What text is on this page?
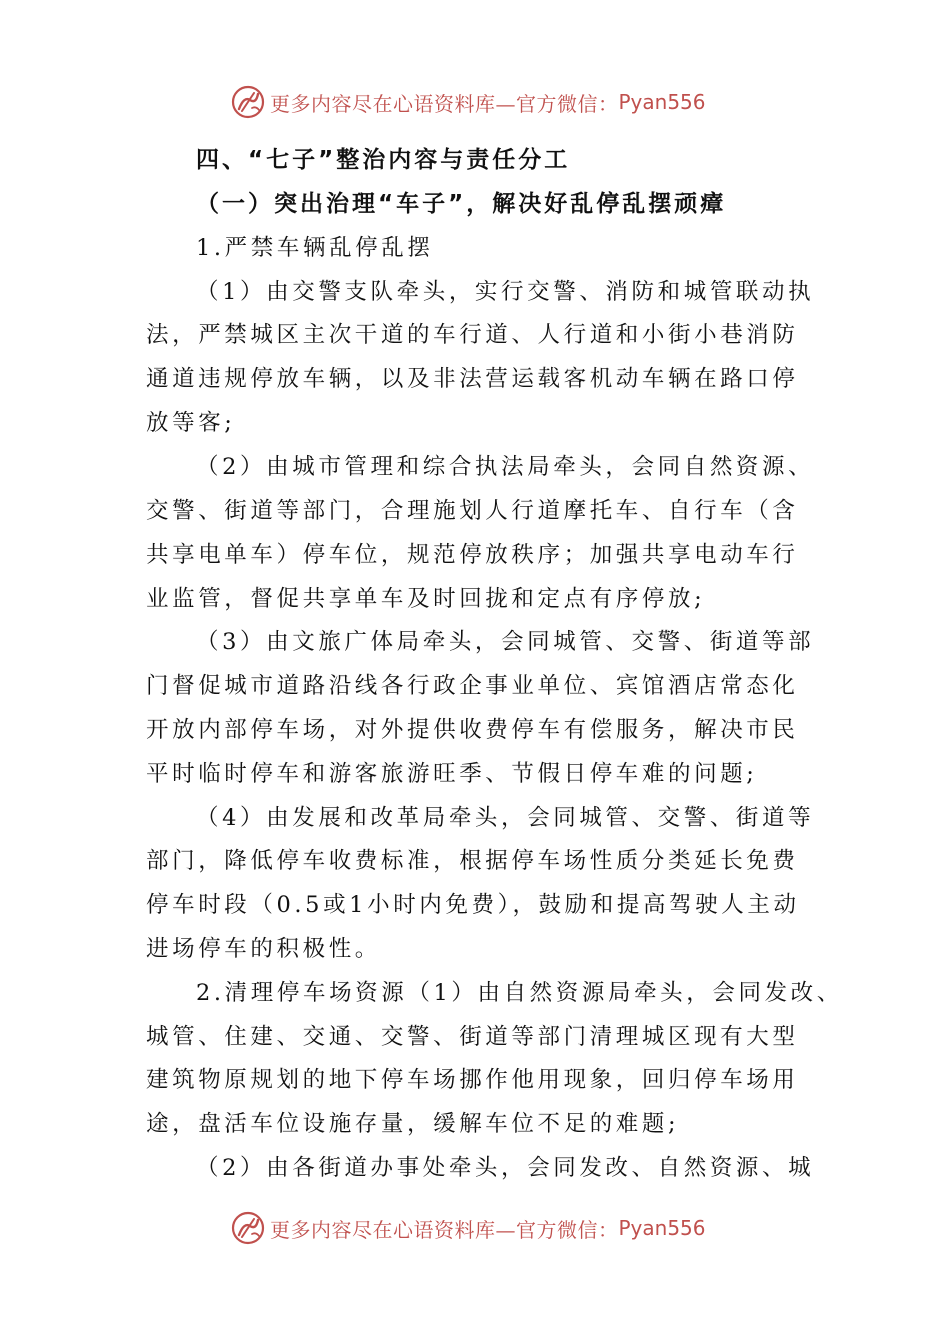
更多内容尽在心语资料库—官方微信： Pyan556
四、“七子”整治内容与责任分工
（一）突出治理“车子”，解决好乱停乱摆顽瘴
1.严禁车辆乱停乱摆
（1）由交警支队牵头，实行交警、消防和城管联动执
法，严禁城区主次干道的车行道、人行道和小街小巷消防
通道违规停放车辆，以及非法营运载客机动车辆在路口停
放等客;
（2）由城市管理和综合执法局牵头，会同自然资源、
交警、街道等部门，合理施划人行道摩托车、自行车（含
共享电单车）停车位，规范停放秩序；加强共享电动车行
业监管，督促共享单车及时回拢和定点有序停放;
（3）由文旅广体局牵头，会同城管、交警、街道等部
门督促城市道路沿线各行政企事业单位、宾馆酒店常态化
开放内部停车场，对外提供收费停车有偿服务，解决市民
平时临时停车和游客旅游旺季、节假日停车难的问题;
（4）由发展和改革局牵头，会同城管、交警、街道等
部门，降低停车收费标准，根据停车场性质分类延长免费
停车时段（0.5或1小时内免费），鼓励和提高驾驶人主动
进场停车的积极性。
2.清理停车场资源（1）由自然资源局牵头，会同发改、
城管、住建、交通、交警、街道等部门清理城区现有大型
建筑物原规划的地下停车场挪作他用现象，回归停车场用
途，盘活车位设施存量，缓解车位不足的难题;
（2）由各街道办事处牵头，会同发改、自然资源、城
更多内容尽在心语资料库—官方微信： Pyan556
